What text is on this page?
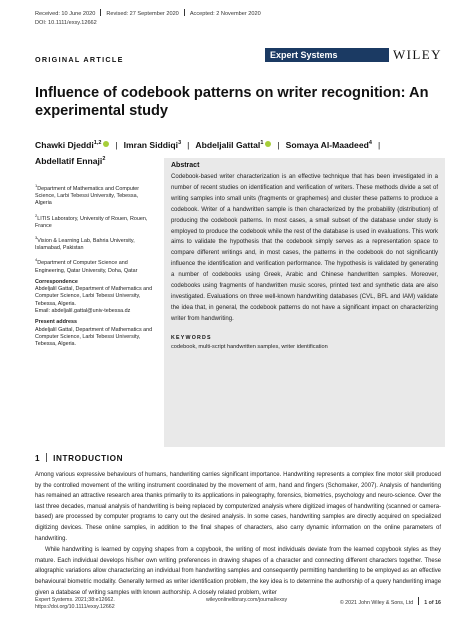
Received: 10 June 2020 Revised: 27 September 2020 Accepted: 2 November 2020
DOI: 10.1111/exsy.12662
ORIGINAL ARTICLE	Expert Systems	WILEY
Influence of codebook patterns on writer recognition: An experimental study
Chawki Djeddi$^{1,2}$ | Imran Siddiqi$^3$ | Abdeljalil Gattal$^1$ | Somaya Al-Maadeed$^4$ |
Abdellatif Ennaji$^2$
$^1$Department of Mathematics and Computer Science, Larbi Tebessi University, Tebessa, Algeria
$^2$LITIS Laboratory, University of Rouen, Rouen, France
$^3$Vision & Learning Lab, Bahria University, Islamabad, Pakistan
$^4$Department of Computer Science and Engineering, Qatar University, Doha, Qatar
Correspondence
Abdeljalil Gattal, Department of Mathematics and Computer Science, Larbi Tebessi University, Tebessa, Algeria.
Email: abdeljalil.gattal@univ-tebessa.dz
Present address
Abdeljalil Gattal, Department of Mathematics and Computer Science, Larbi Tebessi University, Tebessa, Algeria.
Abstract

Codebook-based writer characterization is an effective technique that has been investigated in a number of recent studies on identification and verification of writers. These methods divide a set of writing samples into small units (fragments or graphemes) and cluster these patterns to produce a codebook. Writer of a handwritten sample is then characterized by the probability (distribution) of producing the codebook patterns. In most cases, a small subset of the database under study is employed to produce the codebook while the rest of the database is used in evaluations. This work aims to validate the hypothesis that the codebook simply serves as a representation space to compare different writings and, in most cases, the patterns in the codebook do not significantly influence the identification and verification performance. The hypothesis is validated by generating a number of codebooks using Greek, Arabic and Chinese handwritten samples. Moreover, codebooks using fragments of handwritten music scores, printed text and synthetic data are also investigated. Evaluations on three well-known handwriting databases (CVL, BFL and IAM) validate the idea that, in general, the codebook patterns do not have a significant impact on characterizing writer from handwriting.

KEYWORDS
codebook, multi-script handwritten samples, writer identification
1 INTRODUCTION

Among various expressive behaviours of humans, handwriting carries significant importance. Handwriting represents a complex fine motor skill produced by the controlled movement of the writing instrument coordinated by the movement of arm, hand and fingers (Schomaker, 2007). Analysis of handwriting has remained an attractive research area thanks primarily to its applications in paleography, forensics, biometrics, psychology and neuro-science. Over the last three decades, manual analysis of handwriting is being replaced by computerized analysis where digitized images of handwriting (scanned or camera-based) are processed by computer programs to carry out the desired analysis. In some cases, handwriting samples are directly acquired on specialized digitizing devices. These online samples, in addition to the final shapes of characters, also carry dynamic information on the online parameters of handwriting.

While handwriting is learned by copying shapes from a copybook, the writing of most individuals deviate from the learned copybook styles as they mature. Each individual develops his/her own writing preferences in drawing shapes of a character and connecting different characters together. These allographic variations allow characterizing an individual from handwriting samples and consequently permitting handwriting to be employed as an effective behavioural biometric modality. Generally termed as writer identification problem, the key idea is to determine the authorship of a query handwriting image given a database of writing samples with known authorship. A closely related problem, writer

Expert Systems. 2021;38:e12662.
https://doi.org/10.1111/exsy.12662
wileyonlinelibrary.com/journal/exsy	© 2021 John Wiley & Sons, Ltd 1 of 16
